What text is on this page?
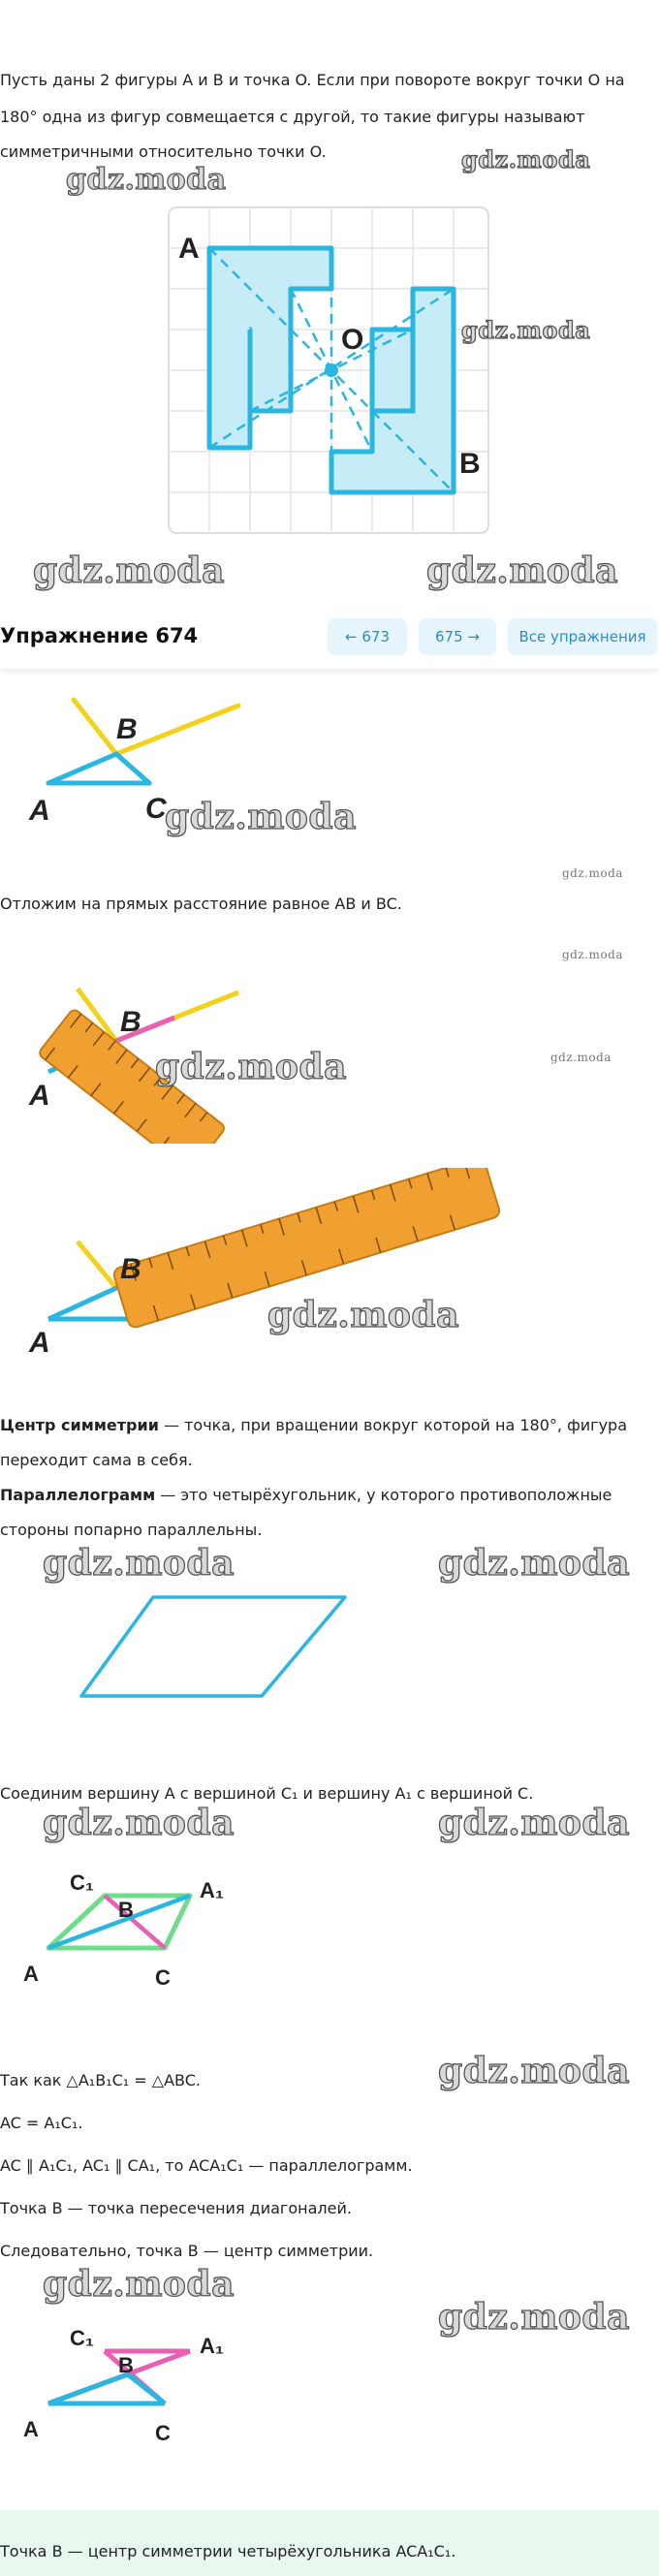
Пусть даны 2 фигуры A и B и точка O. Если при повороте вокруг точки O на
180° одна из фигур совмещается с другой, то такие фигуры называют
симметричными относительно точки O.
A
O
B
Упражнение 674	← 673	675 →	Все упражнения
B
A	C
Отложим на прямых расстояние равное AB и BC.
B
A
B
A
Центр симметрии — точка, при вращении вокруг которой на 180°, фигура
переходит сама в себя.
Параллелограмм — это четырёхугольник, у которого противоположные
стороны попарно параллельны.
Соединим вершину A с вершиной C₁ и вершину A₁ с вершиной C.
C₁	A₁
B
A	C
Так как △A₁B₁C₁ = △ABC.
AC = A₁C₁.
AC ∥ A₁C₁, AC₁ ∥ CA₁, то ACA₁C₁ — параллелограмм.
Точка B — точка пересечения диагоналей.
Следовательно, точка B — центр симметрии.
C₁	A₁
B
A	C
Точка B — центр симметрии четырёхугольника ACA₁C₁.
gdz.moda
gdz.moda
gdz.moda
gdz.moda	gdz.moda
gdz.moda
gdz.moda
gdz.moda
gdz.moda	gdz.moda
gdz.moda
gdz.moda	gdz.moda
gdz.moda	gdz.moda
gdz.moda
gdz.moda
gdz.moda
